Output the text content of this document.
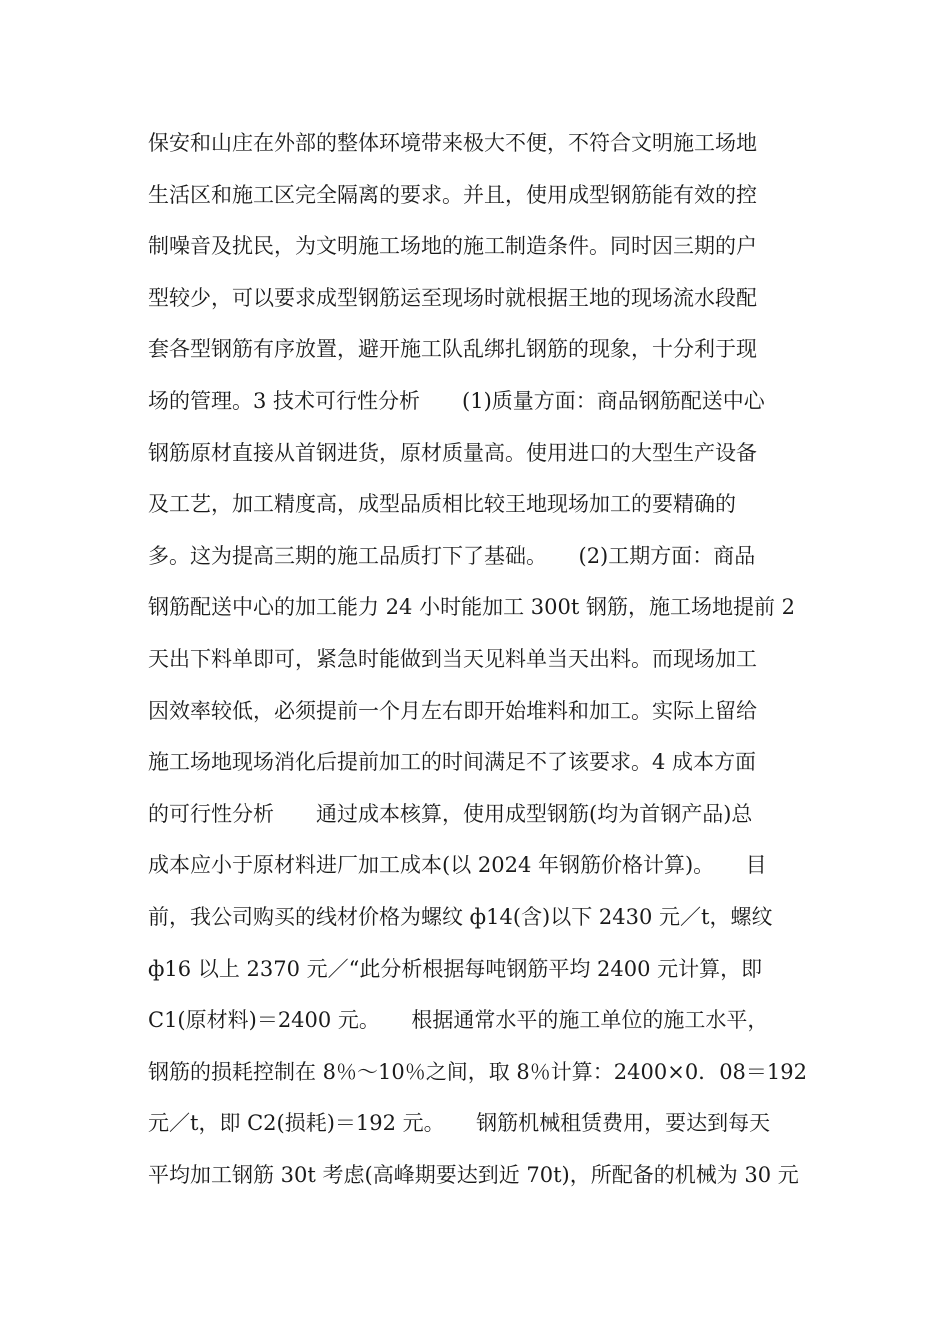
保安和山庄在外部的整体环境带来极大不便，不符合文明施工场地
生活区和施工区完全隔离的要求。并且，使用成型钢筋能有效的控
制噪音及扰民，为文明施工场地的施工制造条件。同时因三期的户
型较少，可以要求成型钢筋运至现场时就根据王地的现场流水段配
套各型钢筋有序放置，避开施工队乱绑扎钢筋的现象，十分利于现
场的管理。3 技术可行性分析　　(1)质量方面：商品钢筋配送中心
钢筋原材直接从首钢进货，原材质量高。使用进口的大型生产设备
及工艺，加工精度高，成型品质相比较王地现场加工的要精确的
多。这为提高三期的施工品质打下了基础。　　(2)工期方面：商品
钢筋配送中心的加工能力 24 小时能加工 300t 钢筋，施工场地提前 2
天出下料单即可，紧急时能做到当天见料单当天出料。而现场加工
因效率较低，必须提前一个月左右即开始堆料和加工。实际上留给
施工场地现场消化后提前加工的时间满足不了该要求。4 成本方面
的可行性分析　　通过成本核算，使用成型钢筋(均为首钢产品)总
成本应小于原材料进厂加工成本(以 2024 年钢筋价格计算)。　　目
前，我公司购买的线材价格为螺纹 ф14(含)以下 2430 元／t，螺纹
ф16 以上 2370 元／“此分析根据每吨钢筋平均 2400 元计算，即
C1(原材料)＝2400 元。　　根据通常水平的施工单位的施工水平，
钢筋的损耗控制在 8％～10％之间，取 8％计算：2400×0．08＝192
元／t，即 C2(损耗)＝192 元。　　钢筋机械租赁费用，要达到每天
平均加工钢筋 30t 考虑(高峰期要达到近 70t)，所配备的机械为 30 元
